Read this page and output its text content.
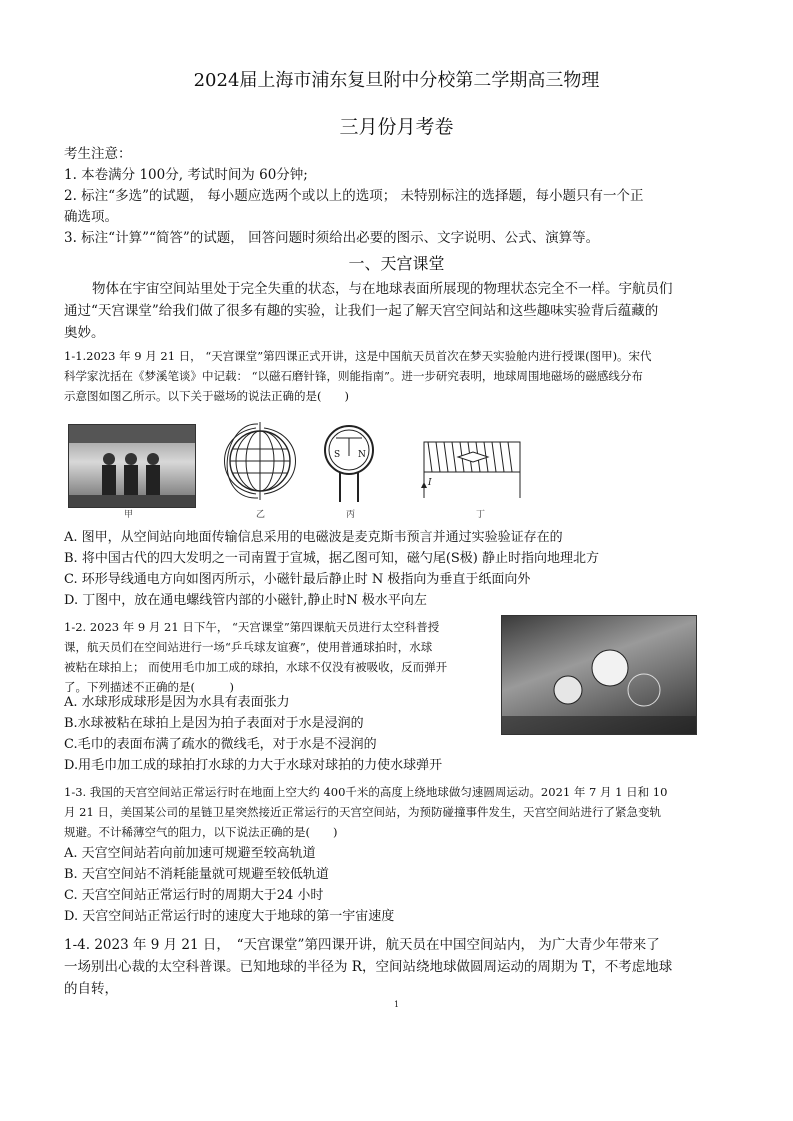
2024届上海市浦东复旦附中分校第二学期高三物理
三月份月考卷
考生注意：
1. 本卷满分 100分, 考试时间为 60分钟;
2. 标注“多选”的试题， 每小题应选两个或以上的选项； 未特别标注的选择题，每小题只有一个正
确选项。
3. 标注“计算”“简答”的试题， 回答问题时须给出必要的图示、文字说明、公式、演算等。
一、天宫课堂
物体在宇宙空间站里处于完全失重的状态，与在地球表面所展现的物理状态完全不一样。宇航员们
通过“天宫课堂”给我们做了很多有趣的实验，让我们一起了解天宫空间站和这些趣味实验背后蕴藏的
奥妙。
1-1.2023 年 9 月 21 日， “天宫课堂”第四课正式开讲，这是中国航天员首次在梦天实验舱内进行授课(图甲)。宋代
科学家沈括在《梦溪笔谈》中记载： “以磁石磨针锋，则能指南”。进一步研究表明，地球周围地磁场的磁感线分布
示意图如图乙所示。以下关于磁场的说法正确的是(　　)
甲	乙
S N
丙
I
丁
A. 图甲，从空间站向地面传输信息采用的电磁波是麦克斯韦预言并通过实验验证存在的
B. 将中国古代的四大发明之一司南置于宣城，据乙图可知，磁勺尾(S极) 静止时指向地理北方
C. 环形导线通电方向如图丙所示，小磁针最后静止时 N 极指向为垂直于纸面向外
D. 丁图中，放在通电螺线管内部的小磁针,静止时N 极水平向左
1-2. 2023 年 9 月 21 日下午， “天宫课堂”第四课航天员进行太空科普授
课，航天员们在空间站进行一场“乒乓球友谊赛”，使用普通球拍时，水球
被粘在球拍上； 而使用毛巾加工成的球拍，水球不仅没有被吸收，反而弹开
了。下列描述不正确的是(　　　)
A. 水球形成球形是因为水具有表面张力
B.水球被粘在球拍上是因为拍子表面对于水是浸润的
C.毛巾的表面布满了疏水的微线毛，对于水是不浸润的
D.用毛巾加工成的球拍打水球的力大于水球对球拍的力使水球弹开
1-3. 我国的天宫空间站正常运行时在地面上空大约 400千米的高度上绕地球做匀速圆周运动。2021 年 7 月 1 日和 10
月 21 日，美国某公司的星链卫星突然接近正常运行的天宫空间站，为预防碰撞事件发生，天宫空间站进行了紧急变轨
规避。不计稀薄空气的阻力，以下说法正确的是(　　)
A. 天宫空间站若向前加速可规避至较高轨道
B. 天宫空间站不消耗能量就可规避至较低轨道
C. 天宫空间站正常运行时的周期大于24 小时
D. 天宫空间站正常运行时的速度大于地球的第一宇宙速度
1-4. 2023 年 9 月 21 日，　“天宫课堂”第四课开讲，航天员在中国空间站内， 为广大青少年带来了
一场别出心裁的太空科普课。已知地球的半径为 R，空间站绕地球做圆周运动的周期为 T，不考虑地球
的自转，
1
